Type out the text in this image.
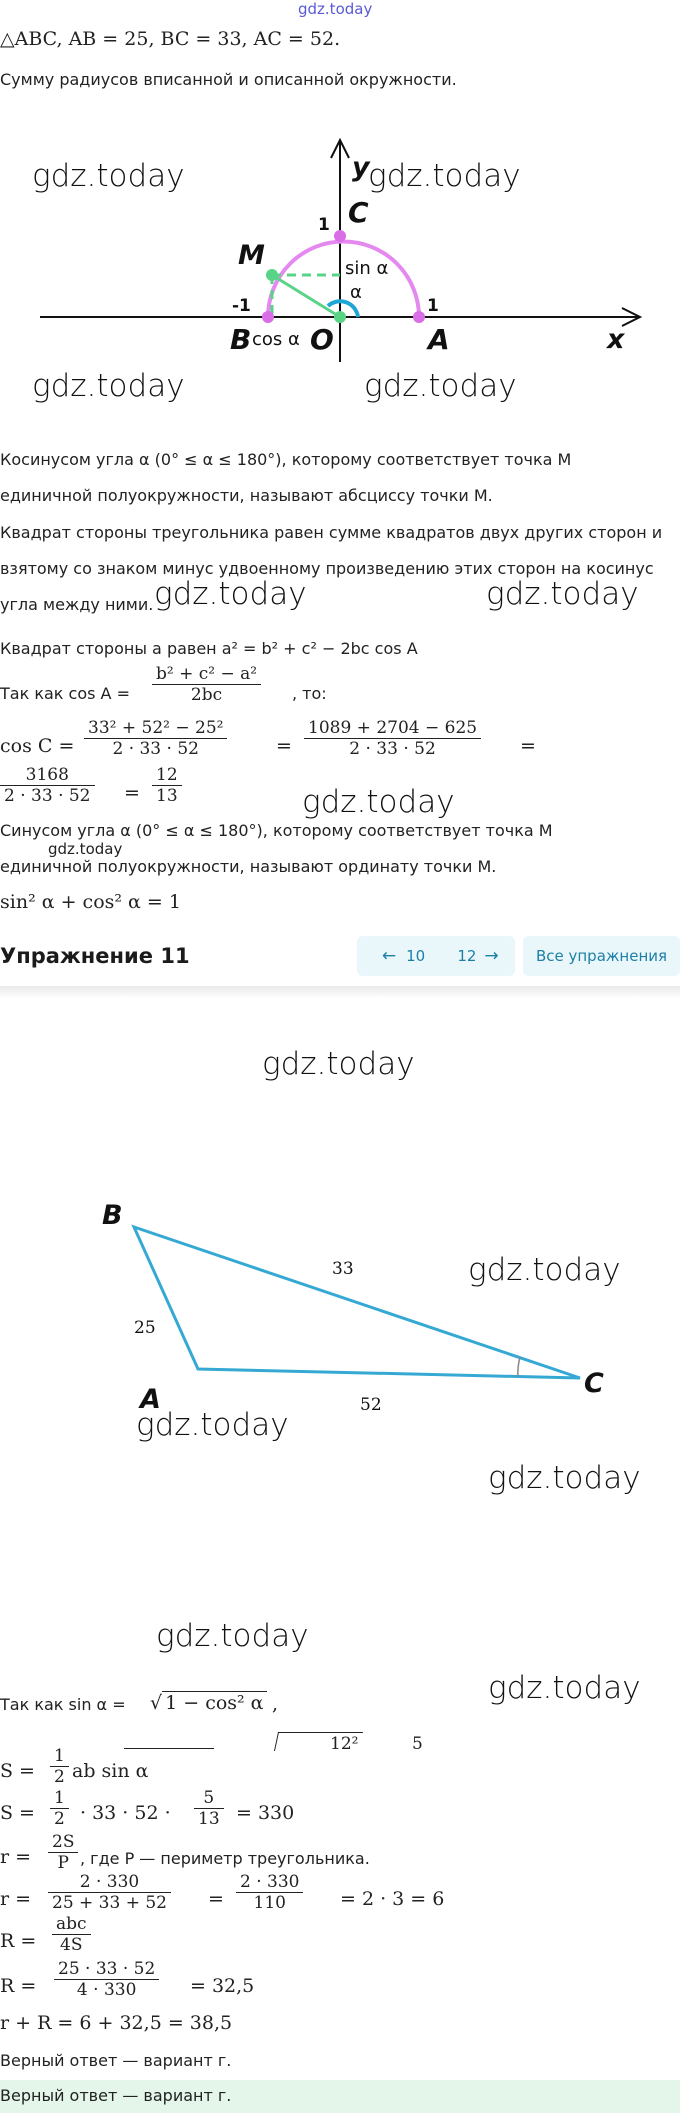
gdz.today
△ABC, AB = 25, BC = 33, AC = 52.
Сумму радиусов вписанной и описанной окружности.
y
C
1
M	sin α
α
-1	1
B cos α O	A	x
gdz.today	gdz.today
gdz.today	gdz.today
Косинусом угла α (0° ≤ α ≤ 180°), которому соответствует точка M
единичной полуокружности, называют абсциссу точки M.
Квадрат стороны треугольника равен сумме квадратов двух других сторон и
взятому со знаком минус удвоенному произведению этих сторон на косинус
угла между ними. gdz.today	gdz.today
Квадрат стороны a равен a² = b² + c² − 2bc cos A
Так как $\cos A = \frac{\text{b² + c² − a²}}{2bc}$ , то:
$\cos C = \frac{\text{33² + 52² − 25²}}{2 \cdot 33 \cdot 52}$	= $\frac{1089 + 2704 - 625}{2 \cdot 33 \cdot 52}$ =
$\frac{3168}{2 \cdot 33 \cdot 52} = \frac{12}{13}$	gdz.today
Синусом угла α (0° ≤ α ≤ 180°), которому соответствует точка M
gdz.today
единичной полуокружности, называют ординату точки M.
sin² α + cos² α = 1
Упражнение 11	← 10 12 → Все упражнения
gdz.today
B
A
C
33
25
52
gdz.today
gdz.today
gdz.today
gdz.today
gdz.today
Так как sin α = √ 1 − cos² α ,
12²	5
$S = \frac{1}{2}$ ab sin α
$S = \frac{1}{2} \cdot 33 \cdot 52 \cdot \frac{5}{13} = 330$
$r = \frac{2S}{P}$ , где P — периметр треугольника.
$r = \frac{2 \cdot 330}{25 + 33 + 52} = \frac{2 \cdot 330}{110} = 2 \cdot 3 = 6$
R =
abc
4S
$R = \frac{25 \cdot 33 \cdot 52}{4 \cdot 330} = 32,5$
r + R = 6 + 32,5 = 38,5
Верный ответ — вариант г.
Верный ответ — вариант г.
